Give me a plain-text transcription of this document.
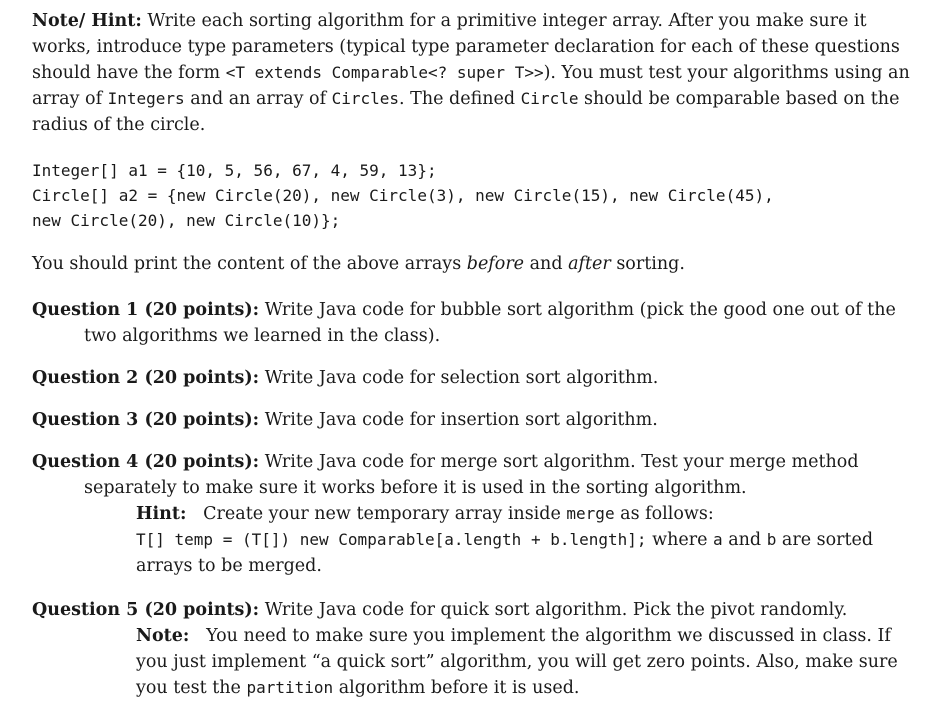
Note/ Hint: Write each sorting algorithm for a primitive integer array. After you make sure it works, introduce type parameters (typical type parameter declaration for each of these questions should have the form <T extends Comparable<? super T>>). You must test your algorithms using an array of Integers and an array of Circles. The defined Circle should be comparable based on the radius of the circle.

Integer[] a1 = {10, 5, 56, 67, 4, 59, 13};
Circle[] a2 = {new Circle(20), new Circle(3), new Circle(15), new Circle(45),
new Circle(20), new Circle(10)};

You should print the content of the above arrays before and after sorting.

Question 1 (20 points): Write Java code for bubble sort algorithm (pick the good one out of the two algorithms we learned in the class).
Question 2 (20 points): Write Java code for selection sort algorithm.
Question 3 (20 points): Write Java code for insertion sort algorithm.
Question 4 (20 points): Write Java code for merge sort algorithm. Test your merge method separately to make sure it works before it is used in the sorting algorithm.
Hint: Create your new temporary array inside merge as follows:
T[] temp = (T[]) new Comparable[a.length + b.length]; where a and b are sorted arrays to be merged.
Question 5 (20 points): Write Java code for quick sort algorithm. Pick the pivot randomly.
Note: You need to make sure you implement the algorithm we discussed in class. If you just implement “a quick sort” algorithm, you will get zero points. Also, make sure you test the partition algorithm before it is used.
